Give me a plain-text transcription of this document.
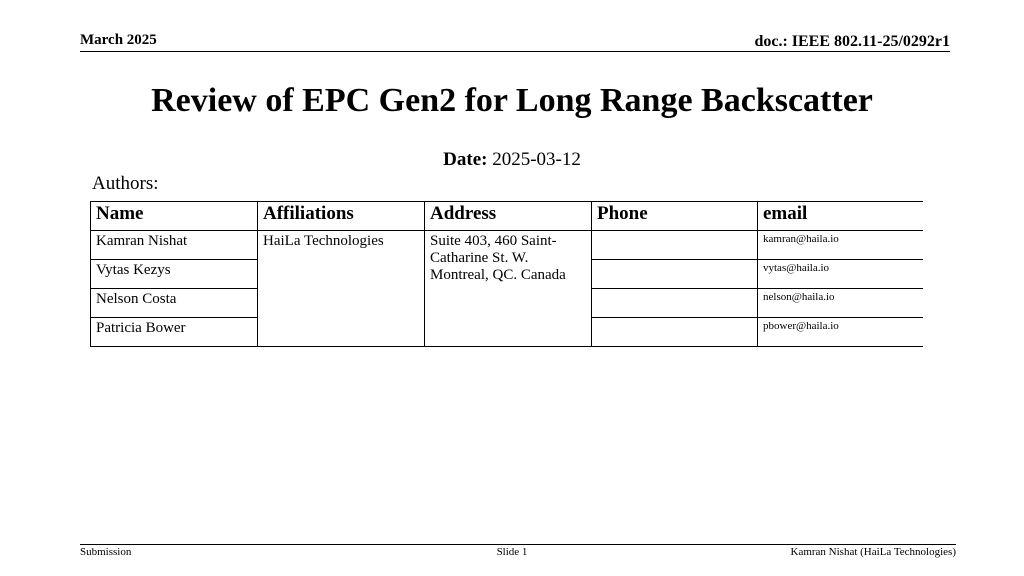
March 2025	doc.: IEEE 802.11-25/0292r1
Review of EPC Gen2 for Long Range Backscatter
Date: 2025-03-12
Authors:
Name	Affiliations	Address	Phone	email
Kamran Nishat	HaiLa Technologies	Suite 403, 460 Saint-Catharine St. W. Montreal, QC. Canada		kamran@haila.io
Vytas Kezys				vytas@haila.io
Nelson Costa				nelson@haila.io
Patricia Bower				pbower@haila.io
Submission	Slide 1	Kamran Nishat (HaiLa Technologies)
